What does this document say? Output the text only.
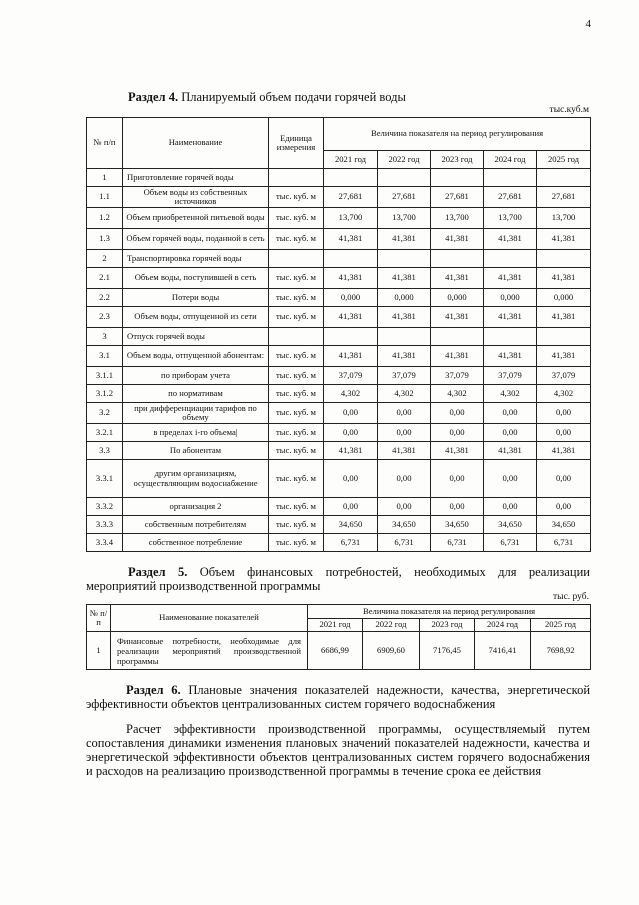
4
Раздел 4. Планируемый объем подачи горячей воды
тыс.куб.м
№ п/п	Наименование	Единица измерения	Величина показателя на период регулирования				
			2021 год	2022 год	2023 год	2024 год	2025 год
1	Приготовление горячей воды						
1.1	Объем воды из собственных источников	тыс. куб. м	27,681	27,681	27,681	27,681	27,681
1.2	Объем приобретенной питьевой воды	тыс. куб. м	13,700	13,700	13,700	13,700	13,700
1.3	Объем горячей воды, поданной в сеть	тыс. куб. м	41,381	41,381	41,381	41,381	41,381
2	Транспортировка горячей воды						
2.1	Объем воды, поступившей в сеть	тыс. куб. м	41,381	41,381	41,381	41,381	41,381
2.2	Потери воды	тыс. куб. м	0,000	0,000	0,000	0,000	0,000
2.3	Объем воды, отпущенной из сети	тыс. куб. м	41,381	41,381	41,381	41,381	41,381
3	Отпуск горячей воды						
3.1	Объем воды, отпущенной абонентам:	тыс. куб. м	41,381	41,381	41,381	41,381	41,381
3.1.1	по приборам учета	тыс. куб. м	37,079	37,079	37,079	37,079	37,079
3.1.2	по нормативам	тыс. куб. м	4,302	4,302	4,302	4,302	4,302
3.2	при дифференциации тарифов по объему	тыс. куб. м	0,00	0,00	0,00	0,00	0,00
3.2.1	в пределах i-го объема|	тыс. куб. м	0,00	0,00	0,00	0,00	0,00
3.3	По абонентам	тыс. куб. м	41,381	41,381	41,381	41,381	41,381
3.3.1	другим организациям, осуществляющим водоснабжение	тыс. куб. м	0,00	0,00	0,00	0,00	0,00
3.3.2	организация 2	тыс. куб. м	0,00	0,00	0,00	0,00	0,00
3.3.3	собственным потребителям	тыс. куб. м	34,650	34,650	34,650	34,650	34,650
3.3.4	собственное потребление	тыс. куб. м	6,731	6,731	6,731	6,731	6,731
Раздел 5. Объем финансовых потребностей, необходимых для реализации мероприятий производственной программы
тыс. руб.
№ п/п	Наименование показателей	Величина показателя на период регулирования				
		2021 год	2022 год	2023 год	2024 год	2025 год
1	Финансовые потребности, необходимые для реализации мероприятий производственной программы	6686,99	6909,60	7176,45	7416,41	7698,92
Раздел 6. Плановые значения показателей надежности, качества, энергетической эффективности объектов централизованных систем горячего водоснабжения
Расчет эффективности производственной программы, осуществляемый путем сопоставления динамики изменения плановых значений показателей надежности, качества и энергетической эффективности объектов централизованных систем горячего водоснабжения и расходов на реализацию производственной программы в течение срока ее действия
